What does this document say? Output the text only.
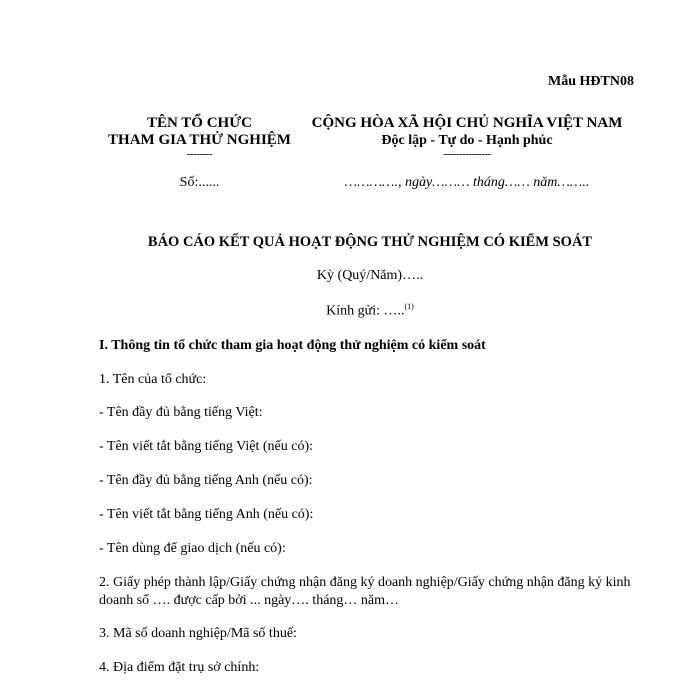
Mẫu HĐTN08
TÊN TỔ CHỨC
THAM GIA THỬ NGHIỆM
--------
CỘNG HÒA XÃ HỘI CHỦ NGHĨA VIỆT NAM
Độc lập - Tự do - Hạnh phúc
---------------
Số:......	…………., ngày……… tháng…… năm……..
BÁO CÁO KẾT QUẢ HOẠT ĐỘNG THỬ NGHIỆM CÓ KIỂM SOÁT
Kỳ (Quý/Năm)…..
Kính gửi: …..$^{(1)}$
I. Thông tin tổ chức tham gia hoạt động thử nghiệm có kiểm soát
1. Tên của tổ chức:
- Tên đầy đủ bằng tiếng Việt:
- Tên viết tắt bằng tiếng Việt (nếu có):
- Tên đầy đủ bằng tiếng Anh (nếu có):
- Tên viết tắt bằng tiếng Anh (nếu có):
- Tên dùng để giao dịch (nếu có):
2. Giấy phép thành lập/Giấy chứng nhận đăng ký doanh nghiệp/Giấy chứng nhận đăng ký kinh doanh số …. được cấp bởi ... ngày…. tháng… năm…
3. Mã số doanh nghiệp/Mã số thuế:
4. Địa điểm đặt trụ sở chính:
